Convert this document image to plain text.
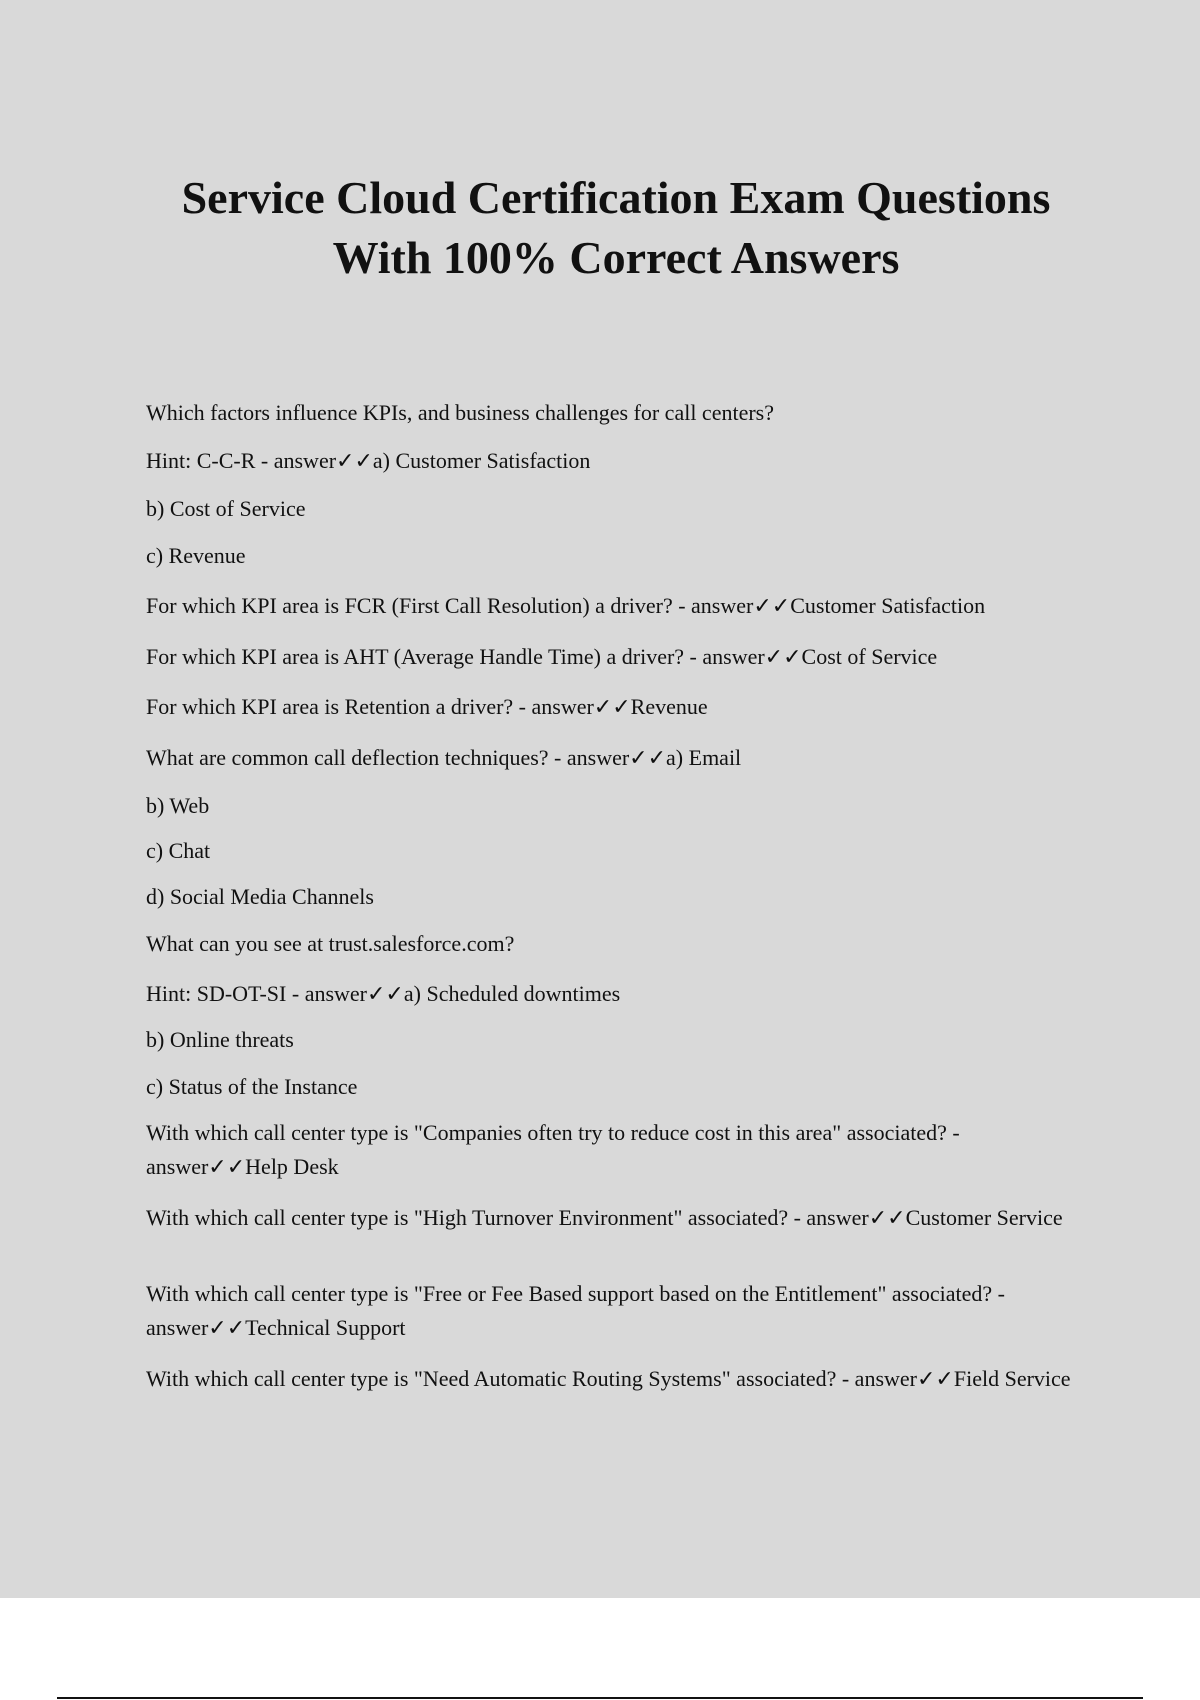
Service Cloud Certification Exam Questions
With 100% Correct Answers

Which factors influence KPIs, and business challenges for call centers?

Hint: C-C-R - answer✓✓a) Customer Satisfaction

b) Cost of Service

c) Revenue

For which KPI area is FCR (First Call Resolution) a driver? - answer✓✓Customer Satisfaction

For which KPI area is AHT (Average Handle Time) a driver? - answer✓✓Cost of Service

For which KPI area is Retention a driver? - answer✓✓Revenue

What are common call deflection techniques? - answer✓✓a) Email

b) Web

c) Chat

d) Social Media Channels

What can you see at trust.salesforce.com?

Hint: SD-OT-SI - answer✓✓a) Scheduled downtimes

b) Online threats

c) Status of the Instance

With which call center type is "Companies often try to reduce cost in this area" associated? - answer✓✓Help Desk

With which call center type is "High Turnover Environment" associated? - answer✓✓Customer Service

With which call center type is "Free or Fee Based support based on the Entitlement" associated? - answer✓✓Technical Support

With which call center type is "Need Automatic Routing Systems" associated? - answer✓✓Field Service
